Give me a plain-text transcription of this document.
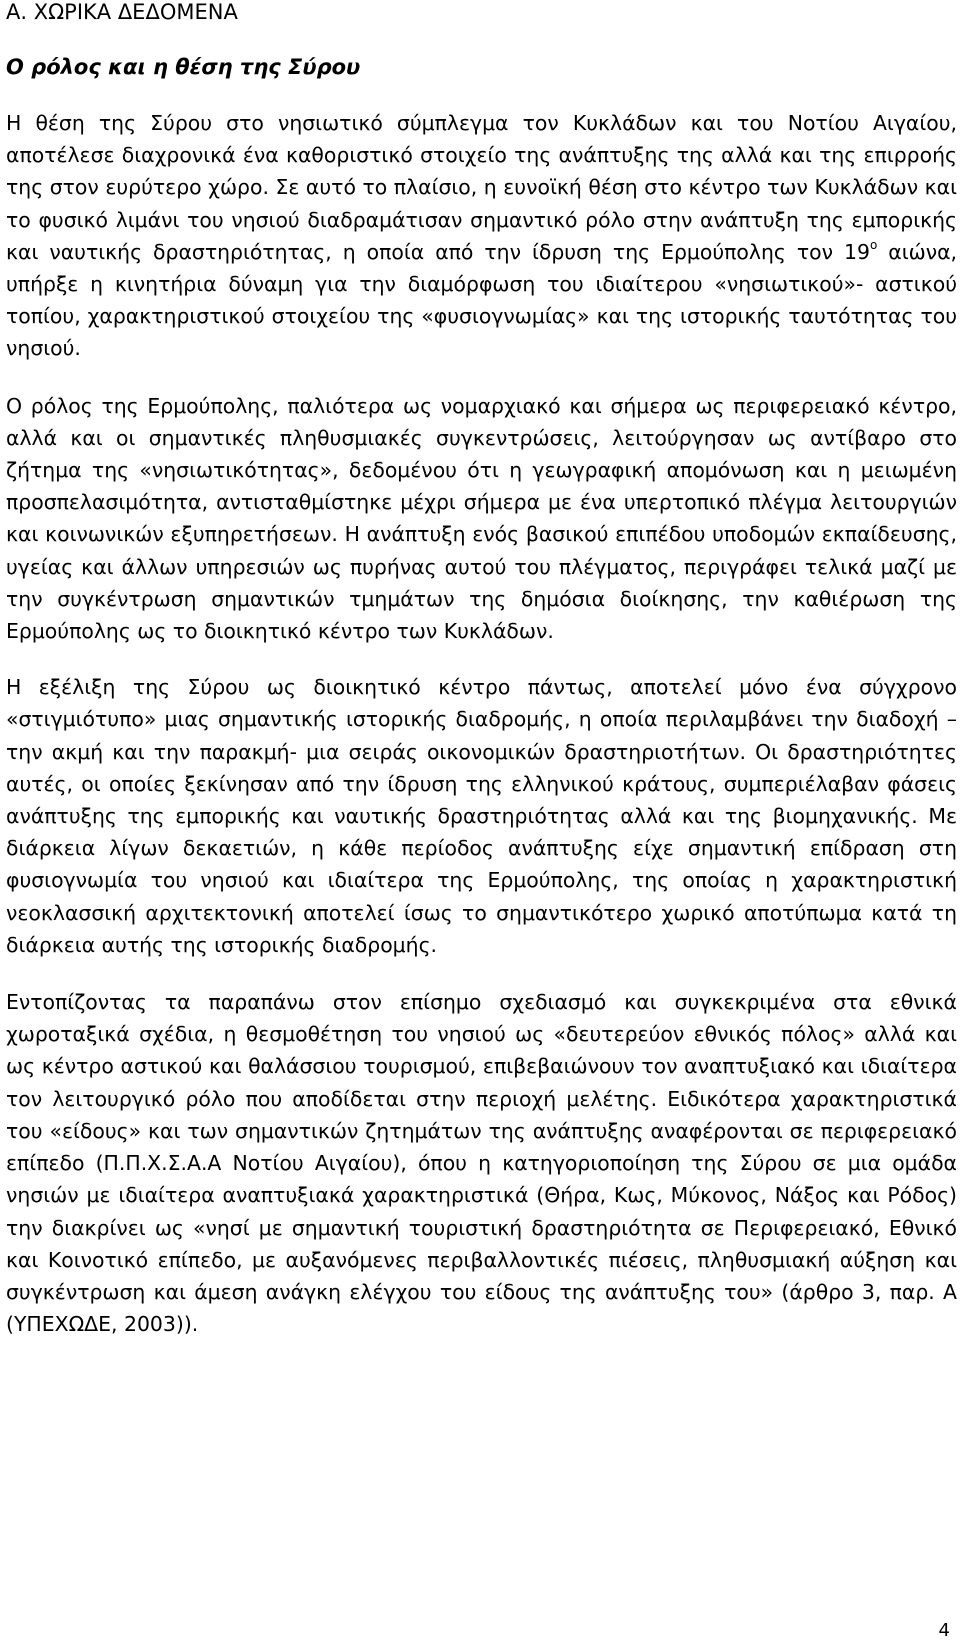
Α. ΧΩΡΙΚΑ ΔΕΔΟΜΕΝΑ
Ο ρόλος και η θέση της Σύρου

Η θέση της Σύρου στο νησιωτικό σύμπλεγμα τον Κυκλάδων και του Νοτίου Αιγαίου, αποτέλεσε διαχρονικά ένα καθοριστικό στοιχείο της ανάπτυξης της αλλά και της επιρροής της στον ευρύτερο χώρο. Σε αυτό το πλαίσιο, η ευνοϊκή θέση στο κέντρο των Κυκλάδων και το φυσικό λιμάνι του νησιού διαδραμάτισαν σημαντικό ρόλο στην ανάπτυξη της εμπορικής και ναυτικής δραστηριότητας, η οποία από την ίδρυση της Ερμούπολης τον $19^o$ αιώνα, υπήρξε η κινητήρια δύναμη για την διαμόρφωση του ιδιαίτερου «νησιωτικού»- αστικού τοπίου, χαρακτηριστικού στοιχείου της «φυσιογνωμίας» και της ιστορικής ταυτότητας του νησιού.

Ο ρόλος της Ερμούπολης, παλιότερα ως νομαρχιακό και σήμερα ως περιφερειακό κέντρο, αλλά και οι σημαντικές πληθυσμιακές συγκεντρώσεις, λειτούργησαν ως αντίβαρο στο ζήτημα της «νησιωτικότητας», δεδομένου ότι η γεωγραφική απομόνωση και η μειωμένη προσπελασιμότητα, αντισταθμίστηκε μέχρι σήμερα με ένα υπερτοπικό πλέγμα λειτουργιών και κοινωνικών εξυπηρετήσεων. Η ανάπτυξη ενός βασικού επιπέδου υποδομών εκπαίδευσης, υγείας και άλλων υπηρεσιών ως πυρήνας αυτού του πλέγματος, περιγράφει τελικά μαζί με την συγκέντρωση σημαντικών τμημάτων της δημόσια διοίκησης, την καθιέρωση της Ερμούπολης ως το διοικητικό κέντρο των Κυκλάδων.

Η εξέλιξη της Σύρου ως διοικητικό κέντρο πάντως, αποτελεί μόνο ένα σύγχρονο «στιγμιότυπο» μιας σημαντικής ιστορικής διαδρομής, η οποία περιλαμβάνει την διαδοχή – την ακμή και την παρακμή- μια σειράς οικονομικών δραστηριοτήτων. Οι δραστηριότητες αυτές, οι οποίες ξεκίνησαν από την ίδρυση της ελληνικού κράτους, συμπεριέλαβαν φάσεις ανάπτυξης της εμπορικής και ναυτικής δραστηριότητας αλλά και της βιομηχανικής. Με διάρκεια λίγων δεκαετιών, η κάθε περίοδος ανάπτυξης είχε σημαντική επίδραση στη φυσιογνωμία του νησιού και ιδιαίτερα της Ερμούπολης, της οποίας η χαρακτηριστική νεοκλασσική αρχιτεκτονική αποτελεί ίσως το σημαντικότερο χωρικό αποτύπωμα κατά τη διάρκεια αυτής της ιστορικής διαδρομής.

Εντοπίζοντας τα παραπάνω στον επίσημο σχεδιασμό και συγκεκριμένα στα εθνικά χωροταξικά σχέδια, η θεσμοθέτηση του νησιού ως «δευτερεύον εθνικός πόλος» αλλά και ως κέντρο αστικού και θαλάσσιου τουρισμού, επιβεβαιώνουν τον αναπτυξιακό και ιδιαίτερα τον λειτουργικό ρόλο που αποδίδεται στην περιοχή μελέτης. Ειδικότερα χαρακτηριστικά του «είδους» και των σημαντικών ζητημάτων της ανάπτυξης αναφέρονται σε περιφερειακό επίπεδο (Π.Π.Χ.Σ.Α.Α Νοτίου Αιγαίου), όπου η κατηγοριοποίηση της Σύρου σε μια ομάδα νησιών με ιδιαίτερα αναπτυξιακά χαρακτηριστικά (Θήρα, Κως, Μύκονος, Νάξος και Ρόδος) την διακρίνει ως «νησί με σημαντική τουριστική δραστηριότητα σε Περιφερειακό, Εθνικό και Κοινοτικό επίπεδο, με αυξανόμενες περιβαλλοντικές πιέσεις, πληθυσμιακή αύξηση και συγκέντρωση και άμεση ανάγκη ελέγχου του είδους της ανάπτυξης του» (άρθρο 3, παρ. Α (ΥΠΕΧΩΔΕ, 2003)).

4
